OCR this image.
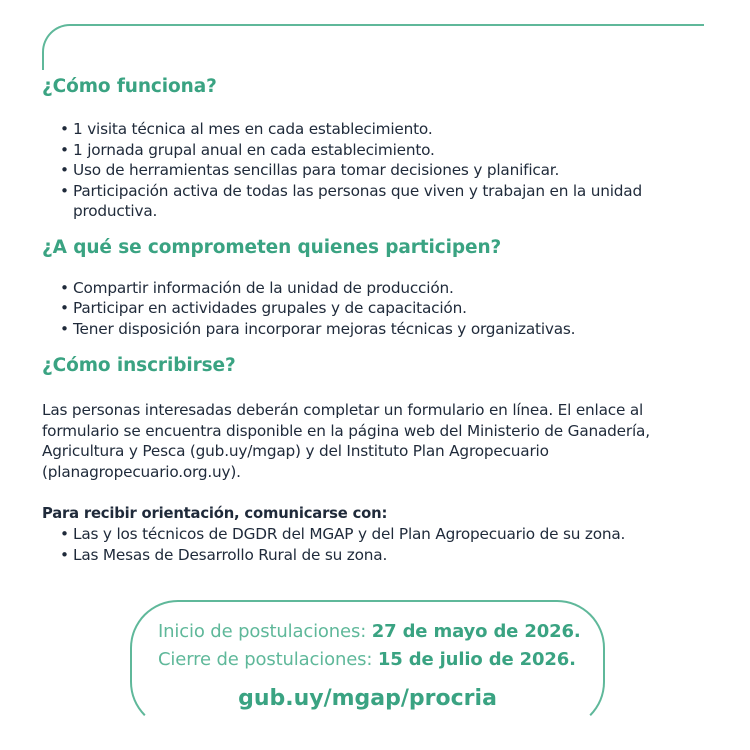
¿Cómo funciona?
• 1 visita técnica al mes en cada establecimiento.
• 1 jornada grupal anual en cada establecimiento.
• Uso de herramientas sencillas para tomar decisiones y planificar.
• Participación activa de todas las personas que viven y trabajan en la unidad productiva.
¿A qué se comprometen quienes participen?
• Compartir información de la unidad de producción.
• Participar en actividades grupales y de capacitación.
• Tener disposición para incorporar mejoras técnicas y organizativas.
¿Cómo inscribirse?
Las personas interesadas deberán completar un formulario en línea. El enlace al formulario se encuentra disponible en la página web del Ministerio de Ganadería, Agricultura y Pesca (gub.uy/mgap) y del Instituto Plan Agropecuario (planagropecuario.org.uy).
Para recibir orientación, comunicarse con:
• Las y los técnicos de DGDR del MGAP y del Plan Agropecuario de su zona.
• Las Mesas de Desarrollo Rural de su zona.
Inicio de postulaciones: 27 de mayo de 2026.
Cierre de postulaciones: 15 de julio de 2026.
gub.uy/mgap/procria
